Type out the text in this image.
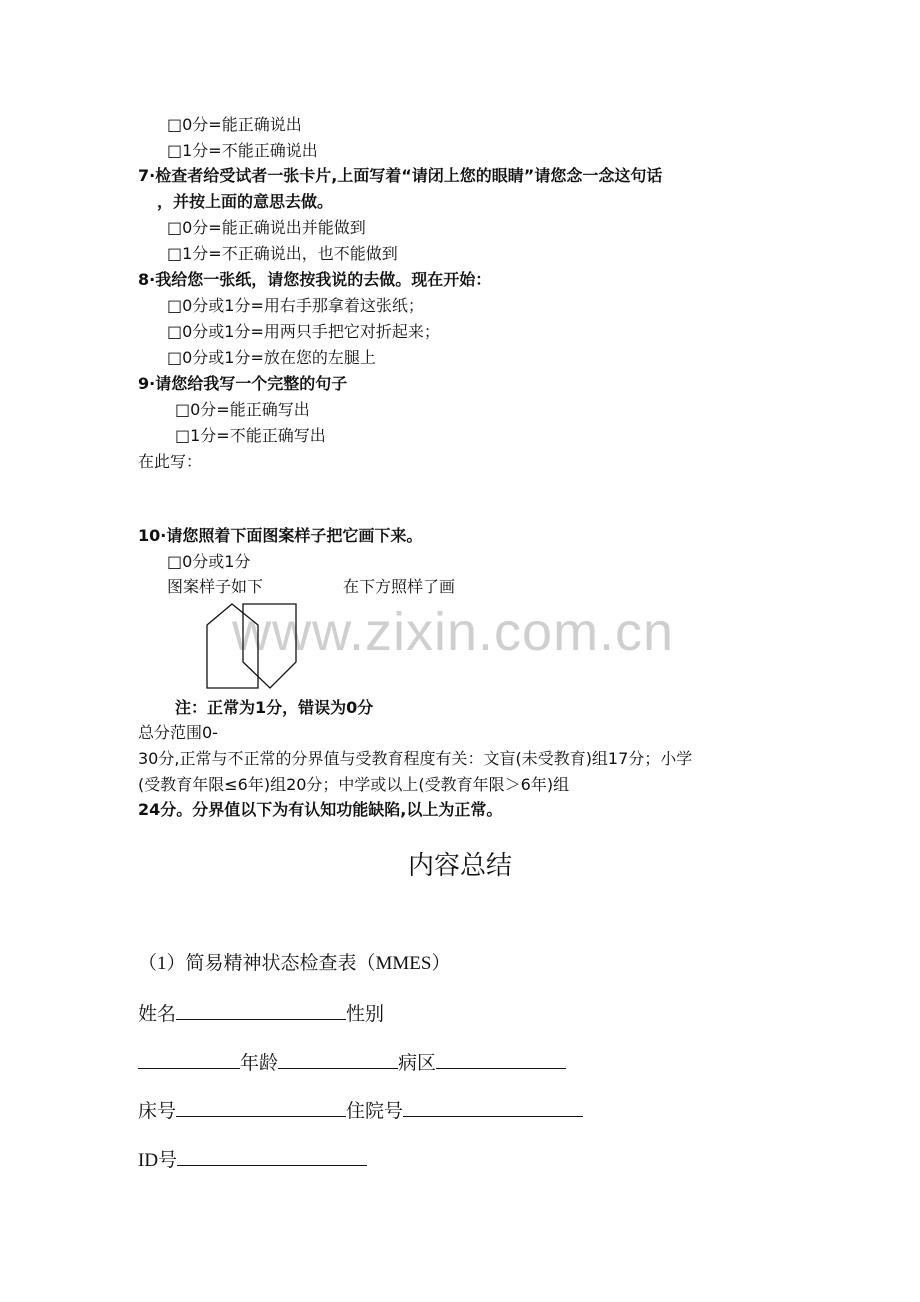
□0分=能正确说出
□1分=不能正确说出
7·检查者给受试者一张卡片,上面写着“请闭上您的眼睛”请您念一念这句话
，并按上面的意思去做。
□0分=能正确说出并能做到
□1分=不正确说出，也不能做到
8·我给您一张纸，请您按我说的去做。现在开始：
□0分或1分=用右手那拿着这张纸；
□0分或1分=用两只手把它对折起来；
□0分或1分=放在您的左腿上
9·请您给我写一个完整的句子
□0分=能正确写出
□1分=不能正确写出
在此写：
10·请您照着下面图案样子把它画下来。
□0分或1分
图案样子如下	在下方照样了画
www.zixin.com.cn
注：正常为1分，错误为0分
总分范围0-
30分,正常与不正常的分界值与受教育程度有关：文盲(未受教育)组17分；小学
(受教育年限≤6年)组20分；中学或以上(受教育年限＞6年)组
24分。分界值以下为有认知功能缺陷,以上为正常。
内容总结
（1）简易精神状态检查表（MMES）
姓名	性别
年龄	病区
床号	住院号
ID号
